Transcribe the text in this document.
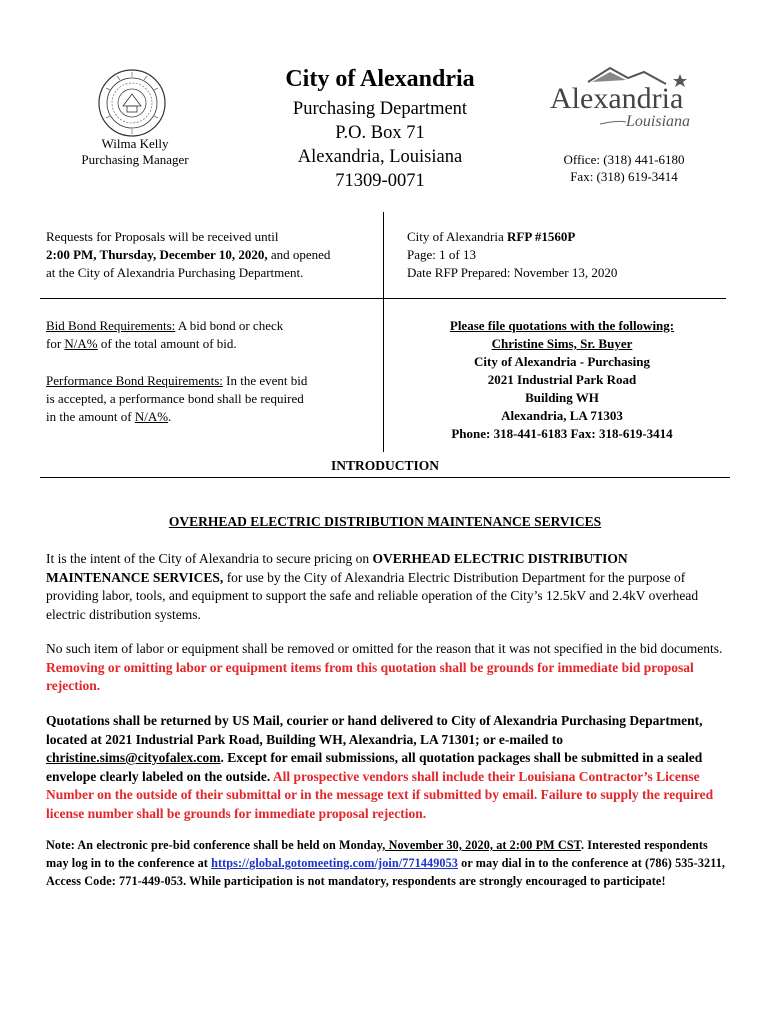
Wilma Kelly
Purchasing Manager
City of Alexandria
Purchasing Department
P.O. Box 71
Alexandria, Louisiana
71309-0071
Alexandria
Louisiana
Office: (318) 441-6180
Fax: (318) 619-3414
Requests for Proposals will be received until
2:00 PM, Thursday, December 10, 2020, and opened
at the City of Alexandria Purchasing Department.
City of Alexandria RFP #1560P
Page: 1 of 13
Date RFP Prepared: November 13, 2020

Bid Bond Requirements: A bid bond or check
for N/A% of the total amount of bid.

Performance Bond Requirements: In the event bid
is accepted, a performance bond shall be required
in the amount of N/A%.

Please file quotations with the following:
Christine Sims, Sr. Buyer
City of Alexandria - Purchasing
2021 Industrial Park Road
Building WH
Alexandria, LA 71303
Phone: 318-441-6183 Fax: 318-619-3414
INTRODUCTION
OVERHEAD ELECTRIC DISTRIBUTION MAINTENANCE SERVICES
It is the intent of the City of Alexandria to secure pricing on OVERHEAD ELECTRIC DISTRIBUTION MAINTENANCE SERVICES, for use by the City of Alexandria Electric Distribution Department for the purpose of providing labor, tools, and equipment to support the safe and reliable operation of the City’s 12.5kV and 2.4kV overhead electric distribution systems.
No such item of labor or equipment shall be removed or omitted for the reason that it was not specified in the bid documents. Removing or omitting labor or equipment items from this quotation shall be grounds for immediate bid proposal rejection.
Quotations shall be returned by US Mail, courier or hand delivered to City of Alexandria Purchasing Department, located at 2021 Industrial Park Road, Building WH, Alexandria, LA 71301; or e-mailed to christine.sims@cityofalex.com. Except for email submissions, all quotation packages shall be submitted in a sealed envelope clearly labeled on the outside. All prospective vendors shall include their Louisiana Contractor’s License Number on the outside of their submittal or in the message text if submitted by email. Failure to supply the required license number shall be grounds for immediate proposal rejection.
Note: An electronic pre-bid conference shall be held on Monday, November 30, 2020, at 2:00 PM CST. Interested respondents may log in to the conference at https://global.gotomeeting.com/join/771449053 or may dial in to the conference at (786) 535-3211, Access Code: 771-449-053. While participation is not mandatory, respondents are strongly encouraged to participate!
